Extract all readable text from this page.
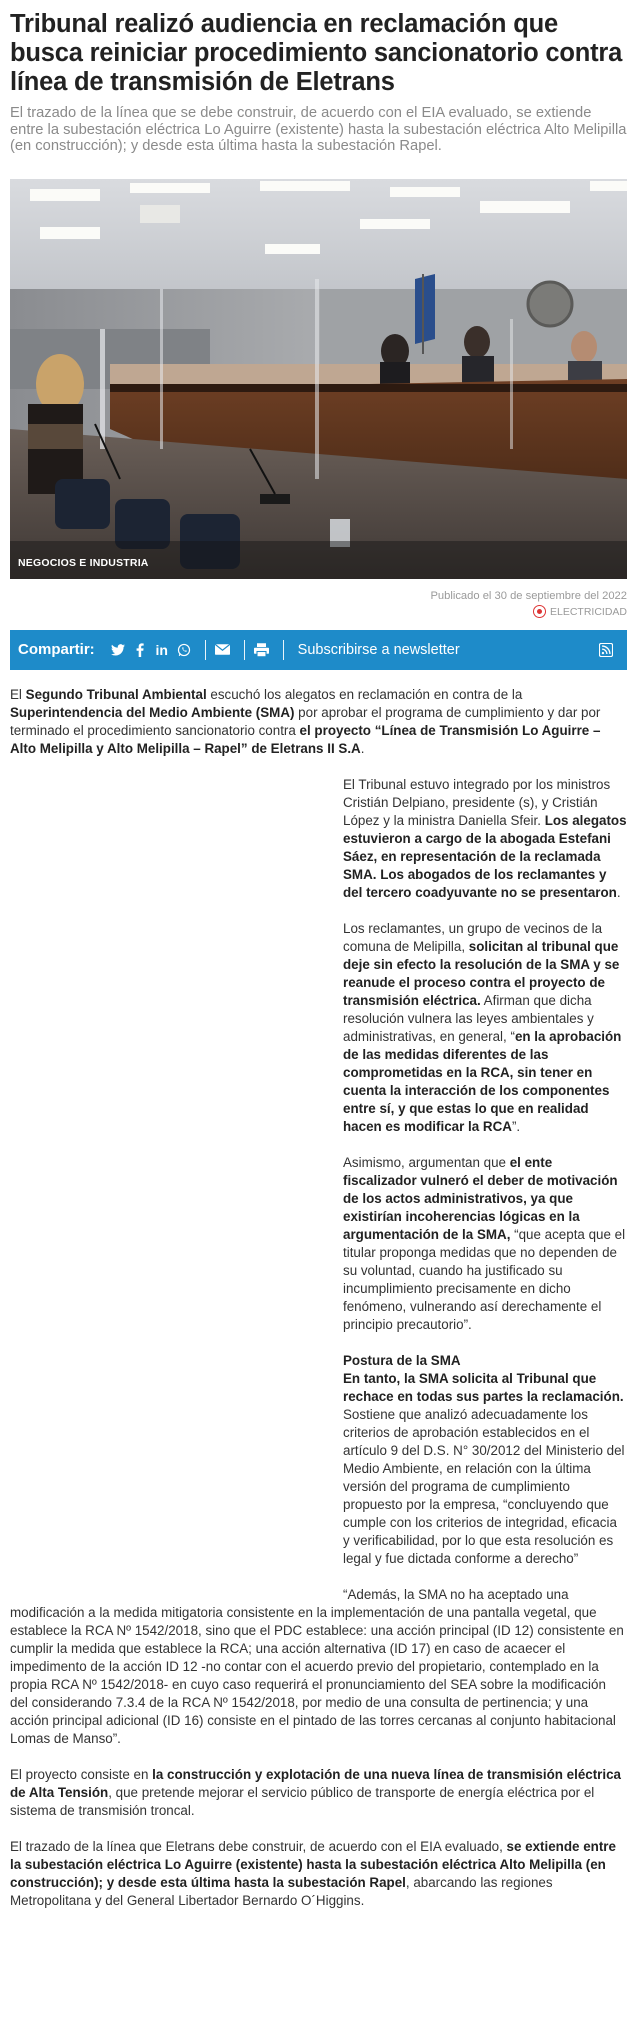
Tribunal realizó audiencia en reclamación que busca reiniciar procedimiento sancionatorio contra línea de transmisión de Eletrans

El trazado de la línea que se debe construir, de acuerdo con el EIA evaluado, se extiende entre la subestación eléctrica Lo Aguirre (existente) hasta la subestación eléctrica Alto Melipilla (en construcción); y desde esta última hasta la subestación Rapel.

NEGOCIOS E INDUSTRIA
Publicado el 30 de septiembre del 2022
ELECTRICIDAD
Compartir:	in	Subscribirse a newsletter

El Segundo Tribunal Ambiental escuchó los alegatos en reclamación en contra de la Superintendencia del Medio Ambiente (SMA) por aprobar el programa de cumplimiento y dar por terminado el procedimiento sancionatorio contra el proyecto “Línea de Transmisión Lo Aguirre – Alto Melipilla y Alto Melipilla – Rapel” de Eletrans II S.A.

El Tribunal estuvo integrado por los ministros Cristián Delpiano, presidente (s), y Cristián López y la ministra Daniella Sfeir. Los alegatos estuvieron a cargo de la abogada Estefani Sáez, en representación de la reclamada SMA. Los abogados de los reclamantes y del tercero coadyuvante no se presentaron.

Los reclamantes, un grupo de vecinos de la comuna de Melipilla, solicitan al tribunal que deje sin efecto la resolución de la SMA y se reanude el proceso contra el proyecto de transmisión eléctrica. Afirman que dicha resolución vulnera las leyes ambientales y administrativas, en general, “en la aprobación de las medidas diferentes de las comprometidas en la RCA, sin tener en cuenta la interacción de los componentes entre sí, y que estas lo que en realidad hacen es modificar la RCA”.

Asimismo, argumentan que el ente fiscalizador vulneró el deber de motivación de los actos administrativos, ya que existirían incoherencias lógicas en la argumentación de la SMA, “que acepta que el titular proponga medidas que no dependen de su voluntad, cuando ha justificado su incumplimiento precisamente en dicho fenómeno, vulnerando así derechamente el principio precautorio”.

Postura de la SMA
En tanto, la SMA solicita al Tribunal que rechace en todas sus partes la reclamación. Sostiene que analizó adecuadamente los criterios de aprobación establecidos en el artículo 9 del D.S. N° 30/2012 del Ministerio del Medio Ambiente, en relación con la última versión del programa de cumplimiento propuesto por la empresa, “concluyendo que cumple con los criterios de integridad, eficacia y verificabilidad, por lo que esta resolución es legal y fue dictada conforme a derecho”

“Además, la SMA no ha aceptado una
modificación a la medida mitigatoria consistente en la implementación de una pantalla vegetal, que establece la RCA Nº 1542/2018, sino que el PDC establece: una acción principal (ID 12) consistente en cumplir la medida que establece la RCA; una acción alternativa (ID 17) en caso de acaecer el impedimento de la acción ID 12 -no contar con el acuerdo previo del propietario, contemplado en la propia RCA Nº 1542/2018- en cuyo caso requerirá el pronunciamiento del SEA sobre la modificación del considerando 7.3.4 de la RCA Nº 1542/2018, por medio de una consulta de pertinencia; y una acción principal adicional (ID 16) consiste en el pintado de las torres cercanas al conjunto habitacional Lomas de Manso”.

El proyecto consiste en la construcción y explotación de una nueva línea de transmisión eléctrica de Alta Tensión, que pretende mejorar el servicio público de transporte de energía eléctrica por el sistema de transmisión troncal.

El trazado de la línea que Eletrans debe construir, de acuerdo con el EIA evaluado, se extiende entre la subestación eléctrica Lo Aguirre (existente) hasta la subestación eléctrica Alto Melipilla (en construcción); y desde esta última hasta la subestación Rapel, abarcando las regiones Metropolitana y del General Libertador Bernardo O´Higgins.
